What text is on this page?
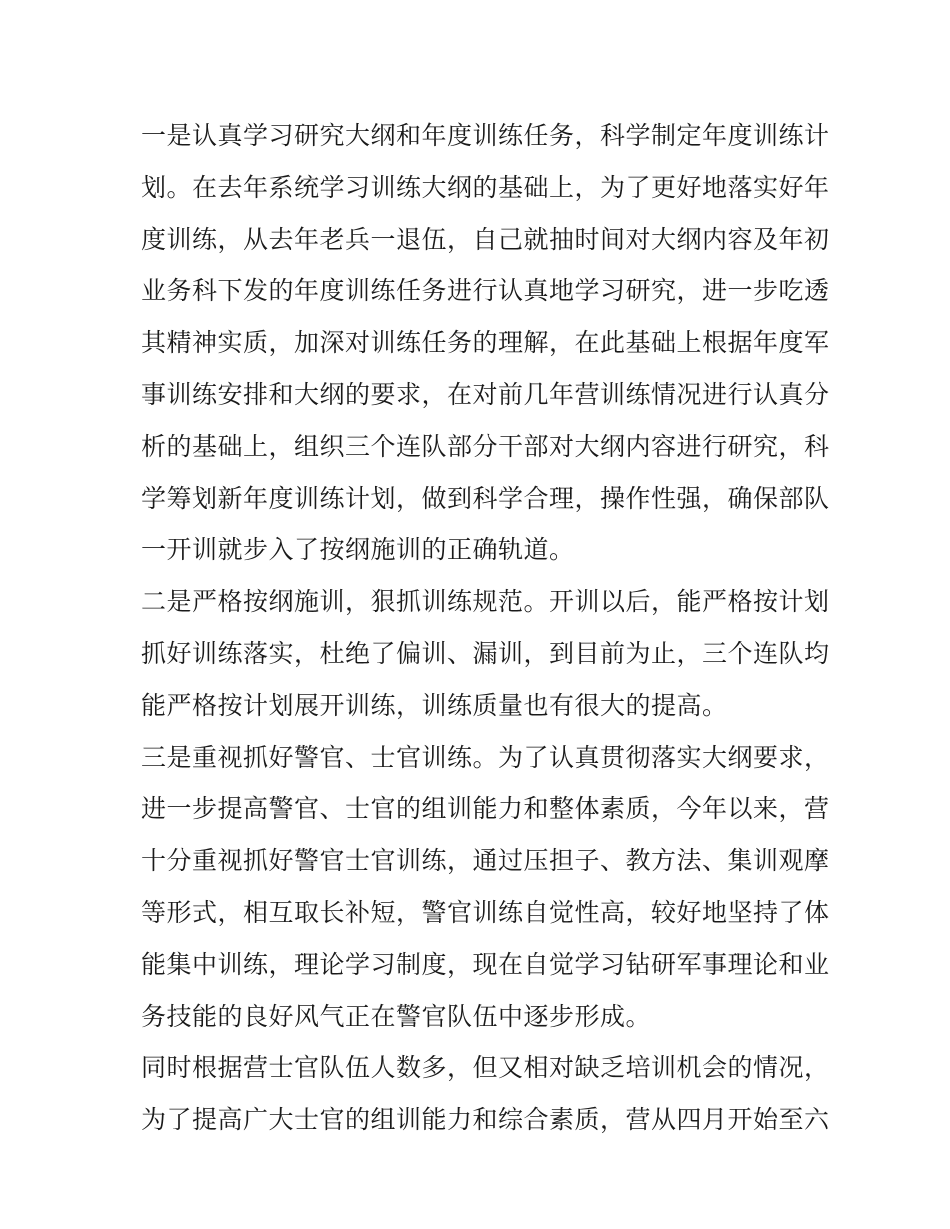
一是认真学习研究大纲和年度训练任务，科学制定年度训练计
划。在去年系统学习训练大纲的基础上，为了更好地落实好年
度训练，从去年老兵一退伍，自己就抽时间对大纲内容及年初
业务科下发的年度训练任务进行认真地学习研究，进一步吃透
其精神实质，加深对训练任务的理解，在此基础上根据年度军
事训练安排和大纲的要求，在对前几年营训练情况进行认真分
析的基础上，组织三个连队部分干部对大纲内容进行研究，科
学筹划新年度训练计划，做到科学合理，操作性强，确保部队
一开训就步入了按纲施训的正确轨道。
二是严格按纲施训，狠抓训练规范。开训以后，能严格按计划
抓好训练落实，杜绝了偏训、漏训，到目前为止，三个连队均
能严格按计划展开训练，训练质量也有很大的提高。
三是重视抓好警官、士官训练。为了认真贯彻落实大纲要求，
进一步提高警官、士官的组训能力和整体素质，今年以来，营
十分重视抓好警官士官训练，通过压担子、教方法、集训观摩
等形式，相互取长补短，警官训练自觉性高，较好地坚持了体
能集中训练，理论学习制度，现在自觉学习钻研军事理论和业
务技能的良好风气正在警官队伍中逐步形成。
同时根据营士官队伍人数多，但又相对缺乏培训机会的情况，
为了提高广大士官的组训能力和综合素质，营从四月开始至六
